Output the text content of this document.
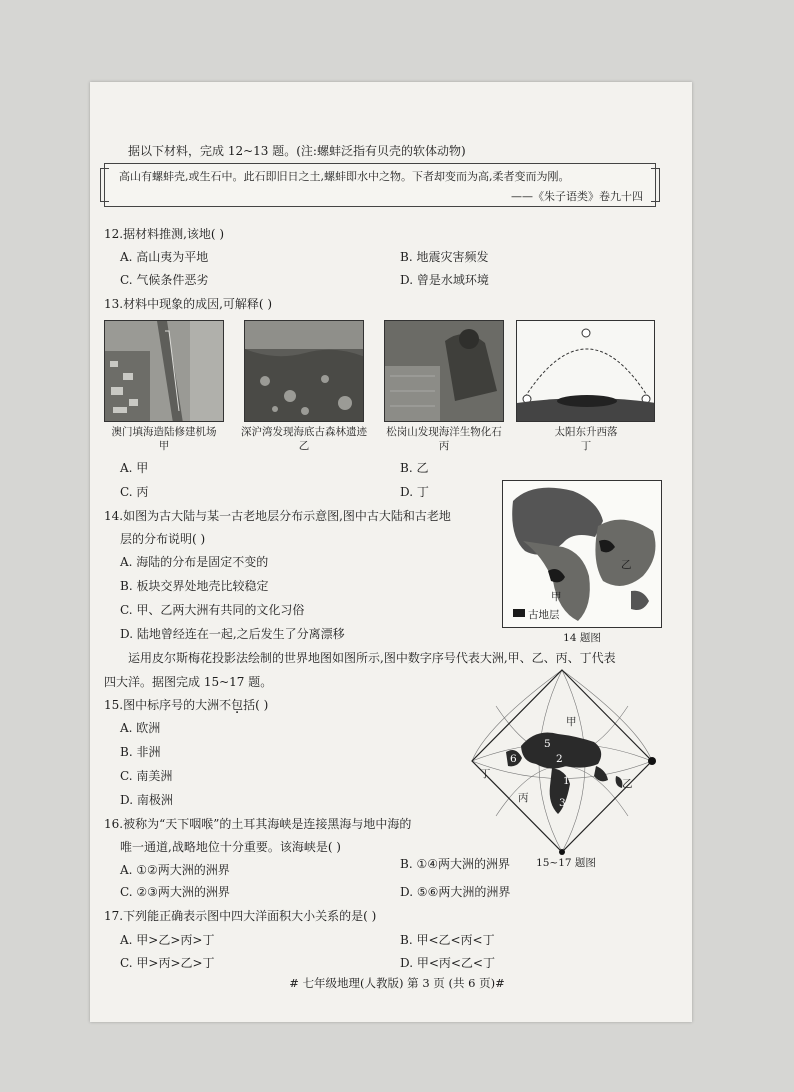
据以下材料，完成 12~13 题。(注:螺蚌泛指有贝壳的软体动物)
高山有螺蚌壳,或生石中。此石即旧日之土,螺蚌即水中之物。下者却变而为高,柔者变而为刚。
——《朱子语类》卷九十四
12.据材料推测,该地( )
A. 高山夷为平地	B. 地震灾害频发
C. 气候条件恶劣	D. 曾是水域环境
13.材料中现象的成因,可解释( )
澳门填海造陆修建机场
甲
深沪湾发现海底古森林遗迹
乙
松岗山发现海洋生物化石
丙
太阳东升西落
丁
A. 甲	B. 乙
C. 丙	D. 丁
14.如图为古大陆与某一古老地层分布示意图,图中古大陆和古老地
层的分布说明( )
A. 海陆的分布是固定不变的
B. 板块交界处地壳比较稳定
C. 甲、乙两大洲有共同的文化习俗
D. 陆地曾经连在一起,之后发生了分离漂移
甲
乙
古地层
14 题图
运用皮尔斯梅花投影法绘制的世界地图如图所示,图中数字序号代表大洲,甲、乙、丙、丁代表
四大洋。据图完成 15~17 题。
15.图中标序号的大洲不包括( )
A. 欧洲
B. 非洲
C. 南美洲
D. 南极洲
甲
乙
丙
丁
1
2
3
5
6
15~17 题图
16.被称为“天下咽喉”的土耳其海峡是连接黑海与地中海的
唯一通道,战略地位十分重要。该海峡是( )
A. ①②两大洲的洲界	B. ①④两大洲的洲界
C. ②③两大洲的洲界	D. ⑤⑥两大洲的洲界
17.下列能正确表示图中四大洋面积大小关系的是( )
A. 甲>乙>丙>丁	B. 甲<乙<丙<丁
C. 甲>丙>乙>丁	D. 甲<丙<乙<丁
# 七年级地理(人教版) 第 3 页 (共 6 页)#
